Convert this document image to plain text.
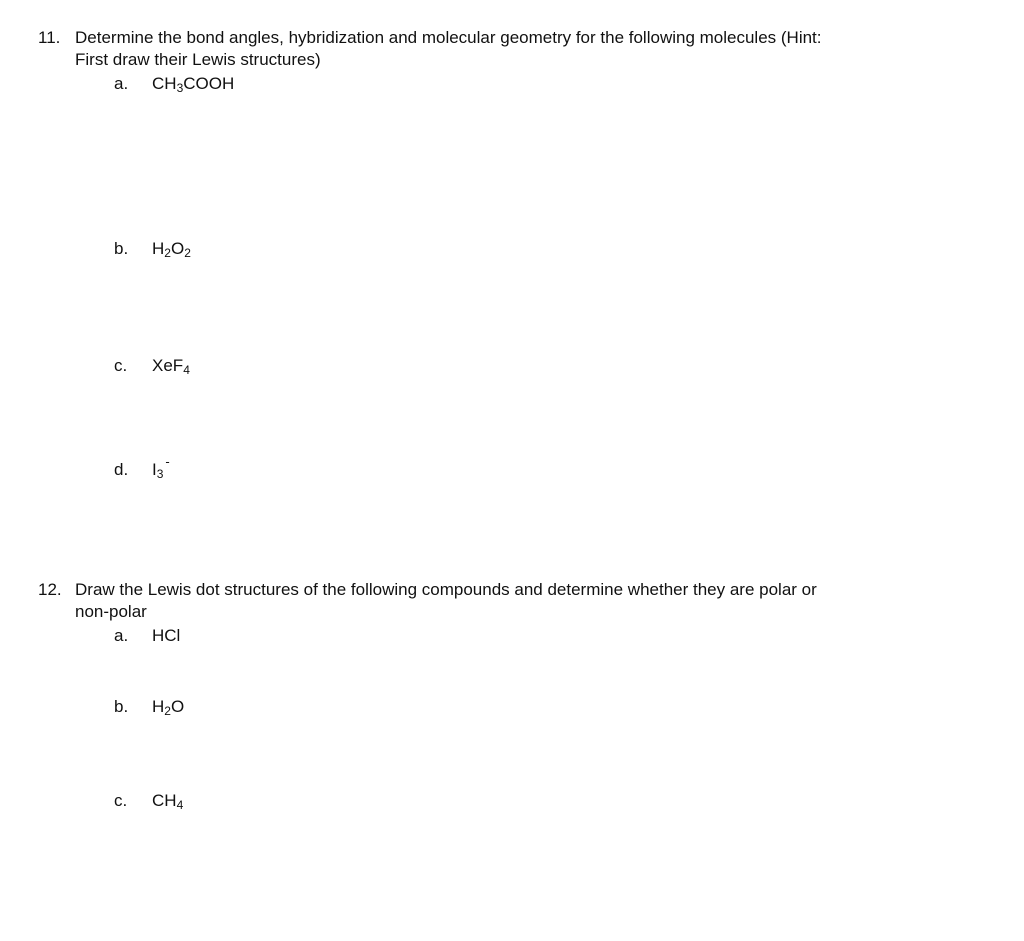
11. Determine the bond angles, hybridization and molecular geometry for the following molecules (Hint:
First draw their Lewis structures)
a. $CH_3COOH$
b. $H_2O_2$
c. XeF$_4$
d. $I_3^-$
12. Draw the Lewis dot structures of the following compounds and determine whether they are polar or
non-polar
a. HCl
b. $H_2O$
c. $CH_4$
